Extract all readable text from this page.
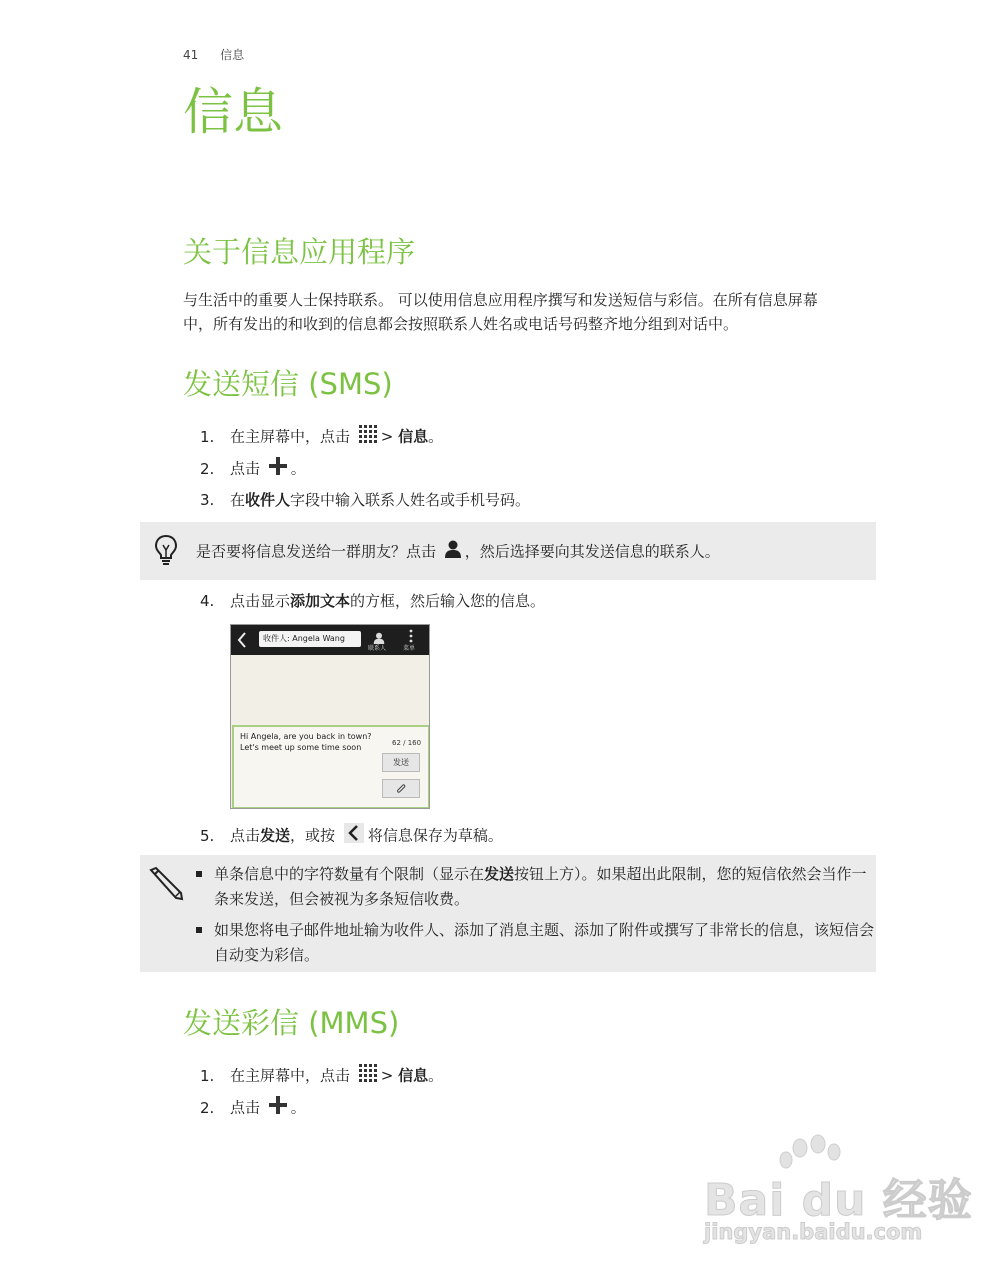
41 信息
信息
关于信息应用程序
与生活中的重要人士保持联系。 可以使用信息应用程序撰写和发送短信与彩信。在所有信息屏幕
中，所有发出的和收到的信息都会按照联系人姓名或电话号码整齐地分组到对话中。
发送短信 (SMS)
1. 在主屏幕中，点击 > 信息。
2. 点击 。
3. 在收件人字段中输入联系人姓名或手机号码。
是否要将信息发送给一群朋友？点击 ，然后选择要向其发送信息的联系人。
4. 点击显示添加文本的方框，然后输入您的信息。
收件人: Angela Wang
联系人	菜单
Hi Angela, are you back in town?
Let's meet up some time soon	62 / 160
发送
5. 点击发送，或按 将信息保存为草稿。
单条信息中的字符数量有个限制（显示在发送按钮上方）。如果超出此限制，您的短信依然会当作一条来发送，但会被视为多条短信收费。
如果您将电子邮件地址输为收件人、添加了消息主题、添加了附件或撰写了非常长的信息，该短信会自动变为彩信。
发送彩信 (MMS)
1. 在主屏幕中，点击 > 信息。
2. 点击 。
Bai du 经验
jingyan.baidu.com
